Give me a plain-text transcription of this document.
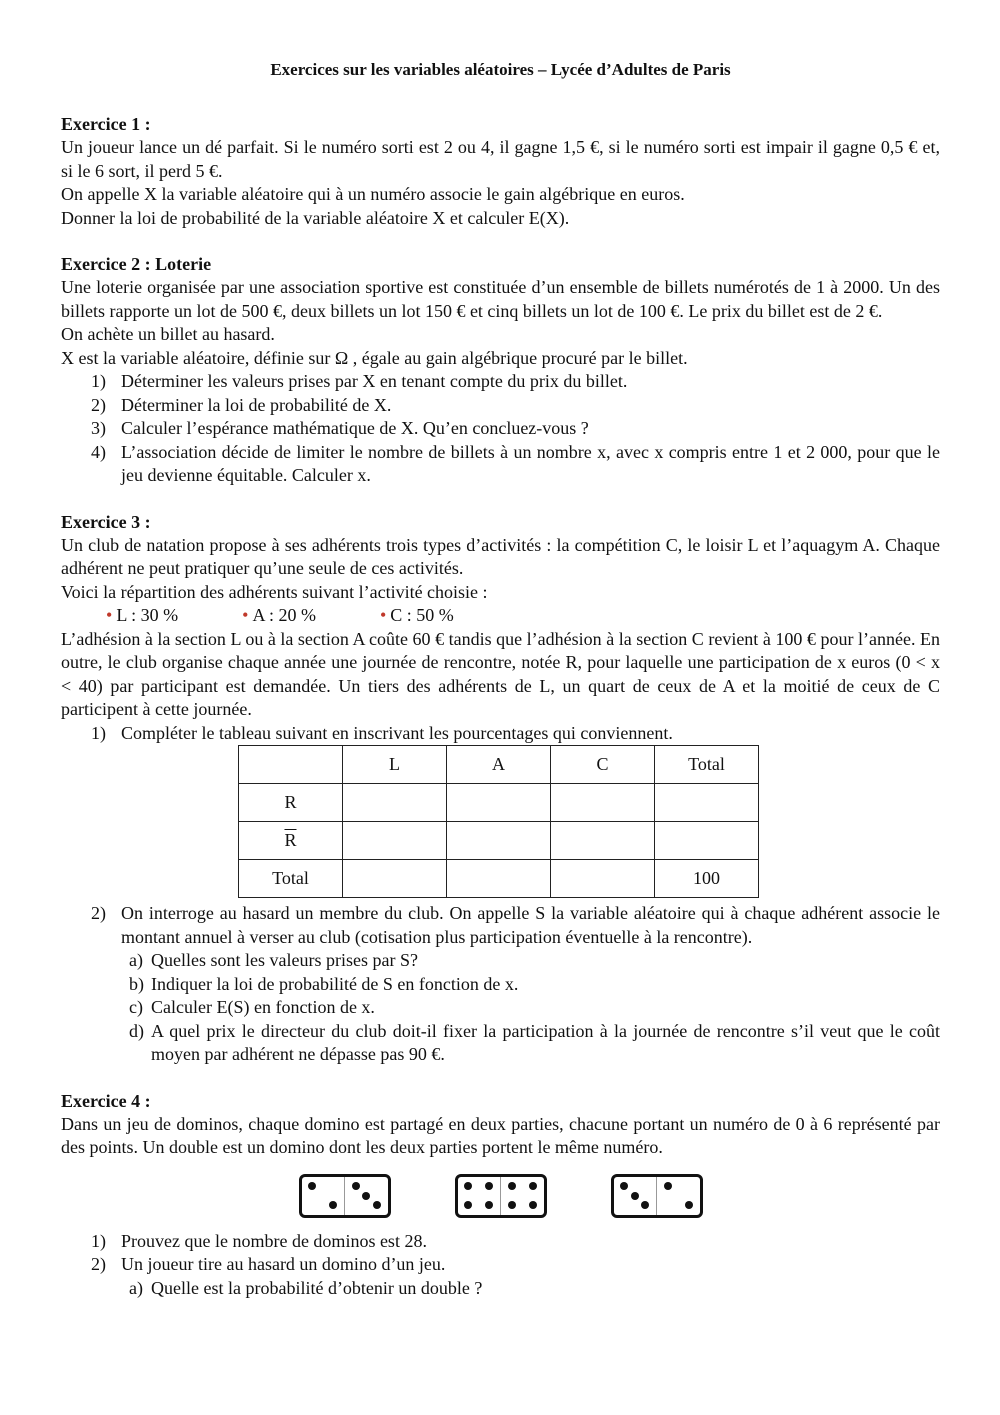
Exercices sur les variables aléatoires – Lycée d’Adultes de Paris
Exercice 1 :

Un joueur lance un dé parfait. Si le numéro sorti est 2 ou 4, il gagne 1,5 €, si le numéro sorti est impair il gagne 0,5 € et, si le 6 sort, il perd 5 €.

On appelle X la variable aléatoire qui à un numéro associe le gain algébrique en euros.

Donner la loi de probabilité de la variable aléatoire X et calculer E(X).

Exercice 2 : Loterie

Une loterie organisée par une association sportive est constituée d’un ensemble de billets numérotés de 1 à 2000. Un des billets rapporte un lot de 500 €, deux billets un lot 150 € et cinq billets un lot de 100 €. Le prix du billet est de 2 €.

On achète un billet au hasard.

X est la variable aléatoire, définie sur Ω , égale au gain algébrique procuré par le billet.

1) Déterminer les valeurs prises par X en tenant compte du prix du billet.
2) Déterminer la loi de probabilité de X.
3) Calculer l’espérance mathématique de X. Qu’en concluez-vous ?
4) L’association décide de limiter le nombre de billets à un nombre x, avec x compris entre 1 et 2 000, pour que le jeu devienne équitable. Calculer x.
Exercice 3 :

Un club de natation propose à ses adhérents trois types d’activités : la compétition C, le loisir L et l’aquagym A. Chaque adhérent ne peut pratiquer qu’une seule de ces activités.

Voici la répartition des adhérents suivant l’activité choisie :

• L : 30 %	• A : 20 %	• C : 50 %

L’adhésion à la section L ou à la section A coûte 60 € tandis que l’adhésion à la section C revient à 100 € pour l’année. En outre, le club organise chaque année une journée de rencontre, notée R, pour laquelle une participation de x euros (0 < x < 40) par participant est demandée. Un tiers des adhérents de L, un quart de ceux de A et la moitié de ceux de C participent à cette journée.

1) Compléter le tableau suivant en inscrivant les pourcentages qui conviennent.
	L	A	C	Total
R				
$\overline{R}$				
Total				100
2) On interroge au hasard un membre du club. On appelle S la variable aléatoire qui à chaque adhérent associe le montant annuel à verser au club (cotisation plus participation éventuelle à la rencontre).
a) Quelles sont les valeurs prises par S?
b) Indiquer la loi de probabilité de S en fonction de x.
c) Calculer E(S) en fonction de x.
d) A quel prix le directeur du club doit-il fixer la participation à la journée de rencontre s’il veut que le coût moyen par adhérent ne dépasse pas 90 €.
Exercice 4 :

Dans un jeu de dominos, chaque domino est partagé en deux parties, chacune portant un numéro de 0 à 6 représenté par des points. Un double est un domino dont les deux parties portent le même numéro.

1) Prouvez que le nombre de dominos est 28.
2) Un joueur tire au hasard un domino d’un jeu.
a) Quelle est la probabilité d’obtenir un double ?
